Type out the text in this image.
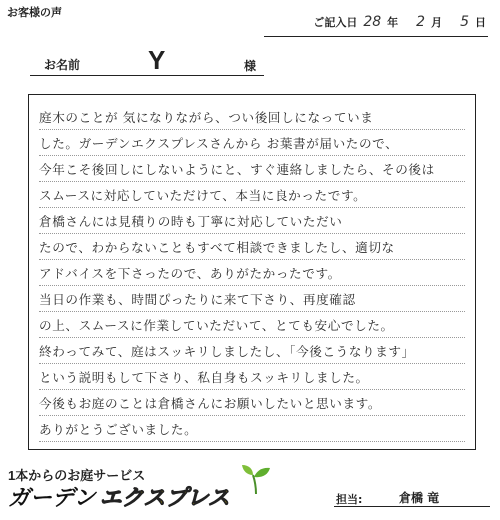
お客様の声
ご記入日 28 年	2 月	5 日
お名前	Y	様
庭木のことが 気になりながら、つい後回しになっていま
した。ガーデンエクスプレスさんから お葉書が届いたので、
今年こそ後回しにしないようにと、すぐ連絡しましたら、その後は
スムースに対応していただけて、本当に良かったです。
倉橋さんには見積りの時も丁寧に対応していただい
たので、わからないこともすべて相談できましたし、適切な
アドバイスを下さったので、ありがたかったです。
当日の作業も、時間ぴったりに来て下さり、再度確認
の上、スムースに作業していただいて、とても安心でした。
終わってみて、庭はスッキリしましたし、「今後こうなります」
という説明もして下さり、私自身もスッキリしました。
今後もお庭のことは倉橋さんにお願いしたいと思います。
ありがとうございました。
1本からのお庭サービス
ガーデン エクスプレス	担当:	倉橋 竜
